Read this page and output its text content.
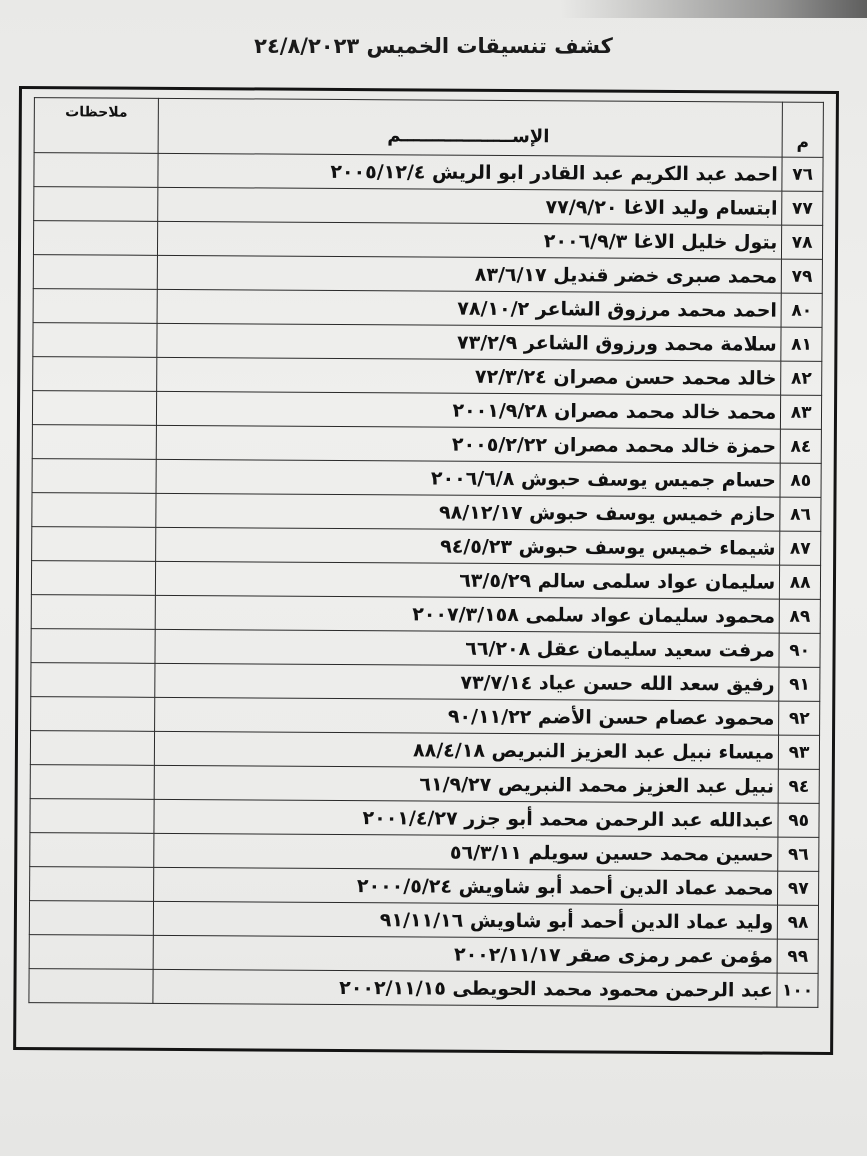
كشف تنسيقات الخميس ٢٤/٨/٢٠٢٣
م	الإســــــــــــــــــم	ملاحظات
٧٦	احمد عبد الكريم عبد القادر ابو الريش ٢٠٠٥/١٢/٤	
٧٧	ابتسام وليد الاغا ٧٧/٩/٢٠	
٧٨	بتول خليل الاغا ٢٠٠٦/٩/٣	
٧٩	محمد صبرى خضر قنديل ٨٣/٦/١٧	
٨٠	احمد محمد مرزوق الشاعر ٧٨/١٠/٢	
٨١	سلامة محمد ورزوق الشاعر ٧٣/٢/٩	
٨٢	خالد محمد حسن مصران ٧٢/٣/٢٤	
٨٣	محمد خالد محمد مصران ٢٠٠١/٩/٢٨	
٨٤	حمزة خالد محمد مصران ٢٠٠٥/٢/٢٢	
٨٥	حسام جميس يوسف حبوش ٢٠٠٦/٦/٨	
٨٦	حازم خميس يوسف حبوش ٩٨/١٢/١٧	
٨٧	شيماء خميس يوسف حبوش ٩٤/٥/٢٣	
٨٨	سليمان عواد سلمى سالم ٦٣/٥/٢٩	
٨٩	محمود سليمان عواد سلمى ٢٠٠٧/٣/١٥٨	
٩٠	مرفت سعيد سليمان عقل ٦٦/٢٠٨	
٩١	رفيق سعد الله حسن عياد ٧٣/٧/١٤	
٩٢	محمود عصام حسن الأضم ٩٠/١١/٢٢	
٩٣	ميساء نبيل عبد العزيز النبريص ٨٨/٤/١٨	
٩٤	نبيل عبد العزيز محمد النبريص ٦١/٩/٢٧	
٩٥	عبدالله عبد الرحمن محمد أبو جزر ٢٠٠١/٤/٢٧	
٩٦	حسين محمد حسين سويلم ٥٦/٣/١١	
٩٧	محمد عماد الدين أحمد أبو شاويش ٢٠٠٠/٥/٢٤	
٩٨	وليد عماد الدين أحمد أبو شاويش ٩١/١١/١٦	
٩٩	مؤمن عمر رمزى صقر ٢٠٠٢/١١/١٧	
١٠٠	عبد الرحمن محمود محمد الحويطى ٢٠٠٢/١١/١٥	
